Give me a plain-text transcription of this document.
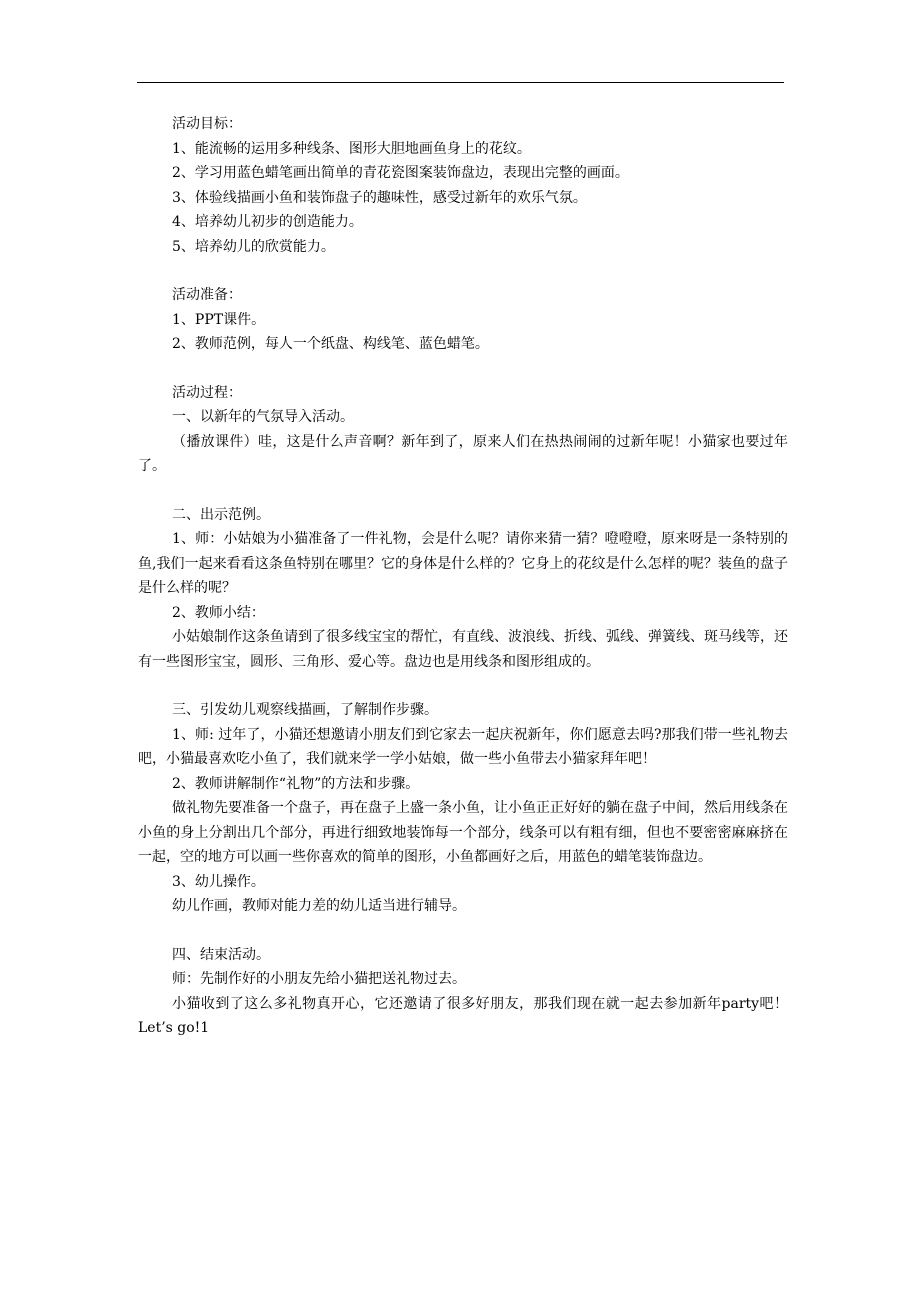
活动目标：

1、能流畅的运用多种线条、图形大胆地画鱼身上的花纹。

2、学习用蓝色蜡笔画出简单的青花瓷图案装饰盘边，表现出完整的画面。

3、体验线描画小鱼和装饰盘子的趣味性，感受过新年的欢乐气氛。

4、培养幼儿初步的创造能力。

5、培养幼儿的欣赏能力。

活动准备：

1、PPT课件。

2、教师范例，每人一个纸盘、构线笔、蓝色蜡笔。

活动过程：

一、以新年的气氛导入活动。

（播放课件）哇，这是什么声音啊？新年到了，原来人们在热热闹闹的过新年呢！小猫家也要过年了。

二、出示范例。

1、师：小姑娘为小猫准备了一件礼物，会是什么呢？请你来猜一猜？噔噔噔，原来呀是一条特别的鱼,我们一起来看看这条鱼特别在哪里？它的身体是什么样的？它身上的花纹是什么怎样的呢？装鱼的盘子是什么样的呢？

2、教师小结：

小姑娘制作这条鱼请到了很多线宝宝的帮忙，有直线、波浪线、折线、弧线、弹簧线、斑马线等，还有一些图形宝宝，圆形、三角形、爱心等。盘边也是用线条和图形组成的。

三、引发幼儿观察线描画，了解制作步骤。

1、师: 过年了，小猫还想邀请小朋友们到它家去一起庆祝新年，你们愿意去吗?那我们带一些礼物去吧，小猫最喜欢吃小鱼了，我们就来学一学小姑娘，做一些小鱼带去小猫家拜年吧！

2、教师讲解制作“礼物”的方法和步骤。

做礼物先要准备一个盘子，再在盘子上盛一条小鱼，让小鱼正正好好的躺在盘子中间，然后用线条在小鱼的身上分割出几个部分，再进行细致地装饰每一个部分，线条可以有粗有细，但也不要密密麻麻挤在一起，空的地方可以画一些你喜欢的简单的图形，小鱼都画好之后，用蓝色的蜡笔装饰盘边。

3、幼儿操作。

幼儿作画，教师对能力差的幼儿适当进行辅导。

四、结束活动。

师：先制作好的小朋友先给小猫把送礼物过去。

小猫收到了这么多礼物真开心，它还邀请了很多好朋友，那我们现在就一起去参加新年party吧！Let’s go!1
